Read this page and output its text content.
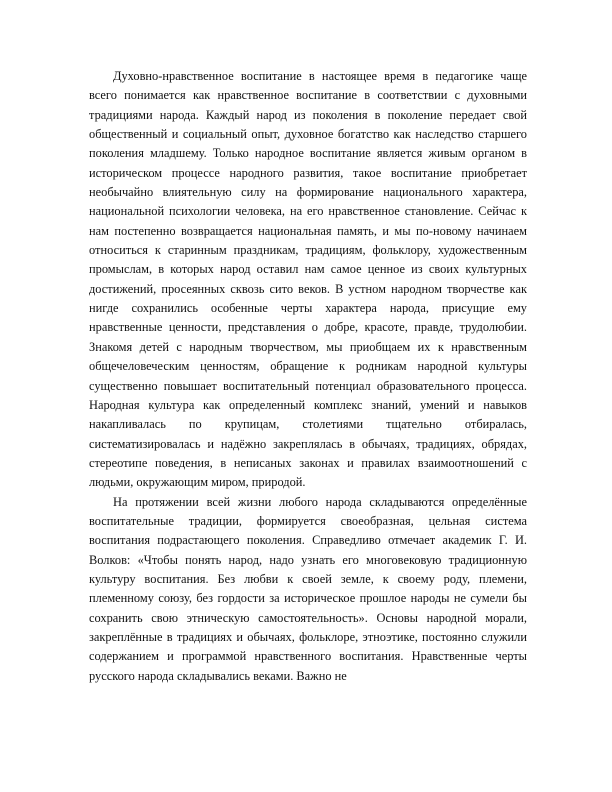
Духовно-нравственное воспитание в настоящее время в педагогике чаще всего понимается как нравственное воспитание в соответствии с духовными традициями народа. Каждый народ из поколения в поколение передает свой общественный и социальный опыт, духовное богатство как наследство старшего поколения младшему. Только народное воспитание является живым органом в историческом процессе народного развития, такое воспитание приобретает необычайно влиятельную силу на формирование национального характера, национальной психологии человека, на его нравственное становление. Сейчас к нам постепенно возвращается национальная память, и мы по-новому начинаем относиться к старинным праздникам, традициям, фольклору, художественным промыслам, в которых народ оставил нам самое ценное из своих культурных достижений, просеянных сквозь сито веков. В устном народном творчестве как нигде сохранились особенные черты характера народа, присущие ему нравственные ценности, представления о добре, красоте, правде, трудолюбии. Знакомя детей с народным творчеством, мы приобщаем их к нравственным общечеловеческим ценностям, обращение к родникам народной культуры существенно повышает воспитательный потенциал образовательного процесса. Народная культура как определенный комплекс знаний, умений и навыков накапливалась по крупицам, столетиями тщательно отбиралась, систематизировалась и надёжно закреплялась в обычаях, традициях, обрядах, стереотипе поведения, в неписаных законах и правилах взаимоотношений с людьми, окружающим миром, природой.

На протяжении всей жизни любого народа складываются определённые воспитательные традиции, формируется своеобразная, цельная система воспитания подрастающего поколения. Справедливо отмечает академик Г. И. Волков: «Чтобы понять народ, надо узнать его многовековую традиционную культуру воспитания. Без любви к своей земле, к своему роду, племени, племенному союзу, без гордости за историческое прошлое народы не сумели бы сохранить свою этническую самостоятельность». Основы народной морали, закреплённые в традициях и обычаях, фольклоре, этноэтике, постоянно служили содержанием и программой нравственного воспитания. Нравственные черты русского народа складывались веками. Важно не
